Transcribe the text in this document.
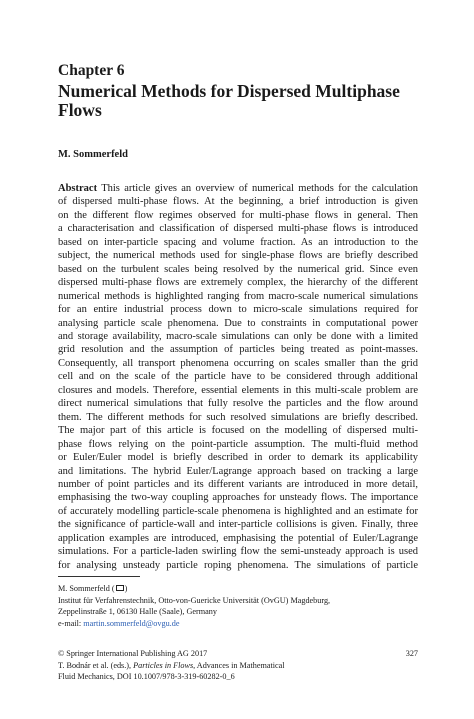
Chapter 6
Numerical Methods for Dispersed Multiphase
Flows
M. Sommerfeld
Abstract This article gives an overview of numerical methods for the calculation
of dispersed multi-phase flows. At the beginning, a brief introduction is given
on the different flow regimes observed for multi-phase flows in general. Then
a characterisation and classification of dispersed multi-phase flows is introduced
based on inter-particle spacing and volume fraction. As an introduction to the
subject, the numerical methods used for single-phase flows are briefly described
based on the turbulent scales being resolved by the numerical grid. Since even
dispersed multi-phase flows are extremely complex, the hierarchy of the different
numerical methods is highlighted ranging from macro-scale numerical simulations
for an entire industrial process down to micro-scale simulations required for
analysing particle scale phenomena. Due to constraints in computational power
and storage availability, macro-scale simulations can only be done with a limited
grid resolution and the assumption of particles being treated as point-masses.
Consequently, all transport phenomena occurring on scales smaller than the grid
cell and on the scale of the particle have to be considered through additional
closures and models. Therefore, essential elements in this multi-scale problem are
direct numerical simulations that fully resolve the particles and the flow around
them. The different methods for such resolved simulations are briefly described.
The major part of this article is focused on the modelling of dispersed multi-
phase flows relying on the point-particle assumption. The multi-fluid method
or Euler/Euler model is briefly described in order to demark its applicability
and limitations. The hybrid Euler/Lagrange approach based on tracking a large
number of point particles and its different variants are introduced in more detail,
emphasising the two-way coupling approaches for unsteady flows. The importance
of accurately modelling particle-scale phenomena is highlighted and an estimate for
the significance of particle-wall and inter-particle collisions is given. Finally, three
application examples are introduced, emphasising the potential of Euler/Lagrange
simulations. For a particle-laden swirling flow the semi-unsteady approach is used
for analysing unsteady particle roping phenomena. The simulations of particle
M. Sommerfeld ( )
Institut für Verfahrenstechnik, Otto-von-Guericke Universität (OvGU) Magdeburg,
Zeppelinstraße 1, 06130 Halle (Saale), Germany
e-mail: martin.sommerfeld@ovgu.de
© Springer International Publishing AG 2017
T. Bodnár et al. (eds.), Particles in Flows, Advances in Mathematical
Fluid Mechanics, DOI 10.1007/978-3-319-60282-0_6
327
